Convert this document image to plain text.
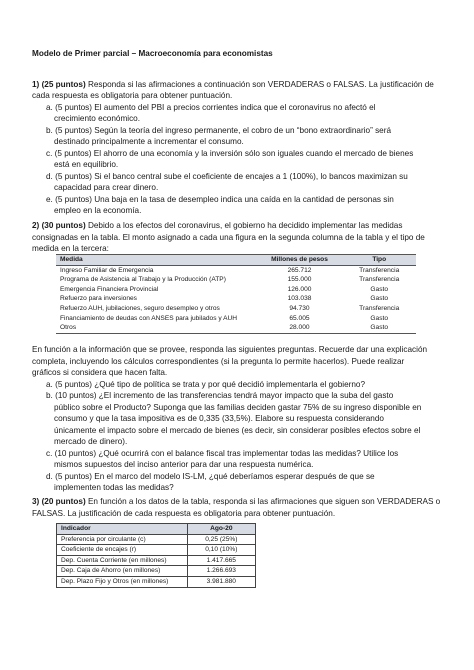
Modelo de Primer parcial – Macroeconomía para economistas
1) (25 puntos) Responda si las afirmaciones a continuación son VERDADERAS o FALSAS. La justificación de
cada respuesta es obligatoria para obtener puntuación.
a. (5 puntos) El aumento del PBI a precios corrientes indica que el coronavirus no afectó el
crecimiento económico.
b. (5 puntos) Según la teoría del ingreso permanente, el cobro de un “bono extraordinario” será
destinado principalmente a incrementar el consumo.
c. (5 puntos) El ahorro de una economía y la inversión sólo son iguales cuando el mercado de bienes
está en equilibrio.
d. (5 puntos) Si el banco central sube el coeficiente de encajes a 1 (100%), lo bancos maximizan su
capacidad para crear dinero.
e. (5 puntos) Una baja en la tasa de desempleo indica una caída en la cantidad de personas sin
empleo en la economía.
2) (30 puntos) Debido a los efectos del coronavirus, el gobierno ha decidido implementar las medidas
consignadas en la tabla. El monto asignado a cada una figura en la segunda columna de la tabla y el tipo de
medida en la tercera:
Medida	Millones de pesos	Tipo
Ingreso Familiar de Emergencia	265.712	Transferencia
Programa de Asistencia al Trabajo y la Producción (ATP)	155.000	Transferencia
Emergencia Financiera Provincial	126.000	Gasto
Refuerzo para inversiones	103.038	Gasto
Refuerzo AUH, jubilaciones, seguro desempleo y otros	94.730	Transferencia
Financiamiento de deudas con ANSES para jubilados y AUH	65.005	Gasto
Otros	28.000	Gasto
En función a la información que se provee, responda las siguientes preguntas. Recuerde dar una explicación
completa, incluyendo los cálculos correspondientes (si la pregunta lo permite hacerlos). Puede realizar
gráficos si considera que hacen falta.
a. (5 puntos) ¿Qué tipo de política se trata y por qué decidió implementarla el gobierno?
b. (10 puntos) ¿El incremento de las transferencias tendrá mayor impacto que la suba del gasto
público sobre el Producto? Suponga que las familias deciden gastar 75% de su ingreso disponible en
consumo y que la tasa impositiva es de 0,335 (33,5%). Elabore su respuesta considerando
únicamente el impacto sobre el mercado de bienes (es decir, sin considerar posibles efectos sobre el
mercado de dinero).
c. (10 puntos) ¿Qué ocurrirá con el balance fiscal tras implementar todas las medidas? Utilice los
mismos supuestos del inciso anterior para dar una respuesta numérica.
d. (5 puntos) En el marco del modelo IS-LM, ¿qué deberíamos esperar después de que se
implementen todas las medidas?
3) (20 puntos) En función a los datos de la tabla, responda si las afirmaciones que siguen son VERDADERAS o
FALSAS. La justificación de cada respuesta es obligatoria para obtener puntuación.
Indicador	Ago-20
Preferencia por circulante (c)	0,25 (25%)
Coeficiente de encajes (r)	0,10 (10%)
Dep. Cuenta Corriente (en millones)	1.417.665
Dep. Caja de Ahorro (en millones)	1.266.693
Dep. Plazo Fijo y Otros (en millones)	3.981.880
